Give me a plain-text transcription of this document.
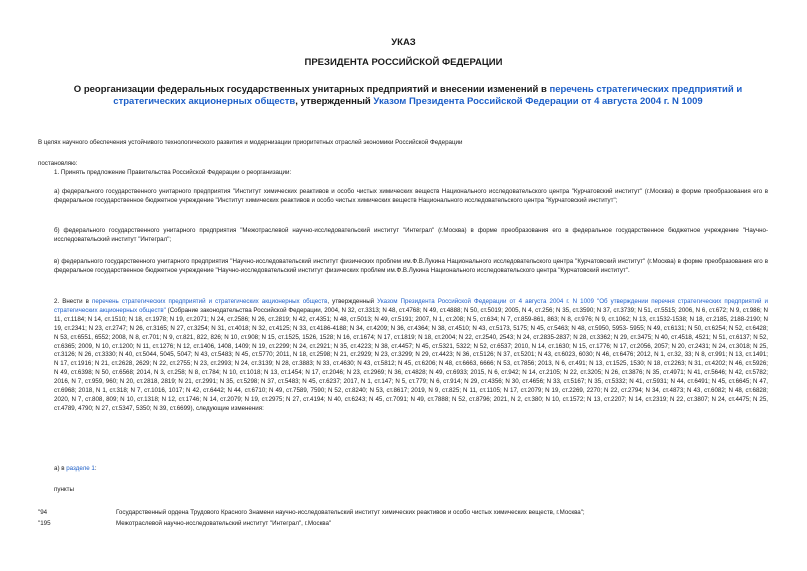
УКАЗ
ПРЕЗИДЕНТА РОССИЙСКОЙ ФЕДЕРАЦИИ
О реорганизации федеральных государственных унитарных предприятий и внесении изменений в перечень стратегических предприятий и стратегических акционерных обществ, утвержденный Указом Президента Российской Федерации от 4 августа 2004 г. N 1009
В целях научного обеспечения устойчивого технологического развития и модернизации приоритетных отраслей экономики Российской Федерации
постановляю:
1. Принять предложение Правительства Российской Федерации о реорганизации:
а) федерального государственного унитарного предприятия "Институт химических реактивов и особо чистых химических веществ Национального исследовательского центра "Курчатовский институт" (г.Москва) в форме преобразования его в федеральное государственное бюджетное учреждение "Институт химических реактивов и особо чистых химических веществ Национального исследовательского центра "Курчатовский институт";
б) федерального государственного унитарного предприятия "Межотраслевой научно-исследовательский институт "Интеграл" (г.Москва) в форме преобразования его в федеральное государственное бюджетное учреждение "Научно-исследовательский институт "Интеграл";
в) федерального государственного унитарного предприятия "Научно-исследовательский институт физических проблем им.Ф.В.Лукина Национального исследовательского центра "Курчатовский институт" (г.Москва) в форме преобразования его в федеральное государственное бюджетное учреждение "Научно-исследовательский институт физических проблем им.Ф.В.Лукина Национального исследовательского центра "Курчатовский институт".
2. Внести в перечень стратегических предприятий и стратегических акционерных обществ, утвержденный Указом Президента Российской Федерации от 4 августа 2004 г. N 1009 "Об утверждении перечня стратегических предприятий и стратегических акционерных обществ" (Собрание законодательства Российской Федерации, 2004, N 32, ст.3313; N 48, ст.4768; N 49, ст.4888; N 50, ст.5019; 2005, N 4, ст.256; N 35, ст.3590; N 37, ст.3739; N 51, ст.5515; 2006, N 6, ст.672; N 9, ст.986; N 11, ст.1184; N 14, ст.1510; N 18, ст.1978; N 19, ст.2071; N 24, ст.2586; N 26, ст.2819; N 42, ст.4351; N 48, ст.5013; N 49, ст.5191; 2007, N 1, ст.208; N 5, ст.634; N 7, ст.859-861, 863; N 8, ст.976; N 9, ст.1062; N 13, ст.1532-1538; N 18, ст.2185, 2188-2190; N 19, ст.2341; N 23, ст.2747; N 26, ст.3165; N 27, ст.3254; N 31, ст.4018; N 32, ст.4125; N 33, ст.4186-4188; N 34, ст.4209; N 36, ст.4364; N 38, ст.4510; N 43, ст.5173, 5175; N 45, ст.5463; N 48, ст.5950, 5953- 5955; N 49, ст.6131; N 50, ст.6254; N 52, ст.6428; N 53, ст.6551, 6552; 2008, N 8, ст.701; N 9, ст.821, 822, 826; N 10, ст.908; N 15, ст.1525, 1526, 1528; N 16, ст.1674; N 17, ст.1819; N 18, ст.2004; N 22, ст.2540, 2543; N 24, ст.2835-2837; N 28, ст.3362; N 29, ст.3475; N 40, ст.4518, 4521; N 51, ст.6137; N 52, ст.6365; 2009, N 10, ст.1200; N 11, ст.1276; N 12, ст.1406, 1408, 1409; N 19, ст.2299; N 24, ст.2921; N 35, ст.4223; N 38, ст.4457; N 45, ст.5321, 5322; N 52, ст.6537; 2010, N 14, ст.1630; N 15, ст.1776; N 17, ст.2056, 2057; N 20, ст.2431; N 24, ст.3018; N 25, ст.3126; N 26, ст.3330; N 40, ст.5044, 5045, 5047; N 43, ст.5483; N 45, ст.5770; 2011, N 18, ст.2598; N 21, ст.2929; N 23, ст.3299; N 29, ст.4423; N 36, ст.5126; N 37, ст.5201; N 43, ст.6023, 6030; N 46, ст.6476; 2012, N 1, ст.32, 33; N 8, ст.991; N 13, ст.1491; N 17, ст.1916; N 21, ст.2628, 2629; N 22, ст.2755; N 23, ст.2993; N 24, ст.3139; N 28, ст.3883; N 33, ст.4630; N 43, ст.5812; N 45, ст.6206; N 48, ст.6663, 6666; N 53, ст.7856; 2013, N 6, ст.491; N 13, ст.1525, 1530; N 18, ст.2263; N 31, ст.4202; N 46, ст.5926; N 49, ст.6398; N 50, ст.6568; 2014, N 3, ст.258; N 8, ст.784; N 10, ст.1018; N 13, ст.1454; N 17, ст.2046; N 23, ст.2969; N 36, ст.4828; N 49, ст.6933; 2015, N 6, ст.942; N 14, ст.2105; N 22, ст.3205; N 26, ст.3876; N 35, ст.4971; N 41, ст.5646; N 42, ст.5782; 2016, N 7, ст.959, 960; N 20, ст.2818, 2819; N 21, ст.2991; N 35, ст.5298; N 37, ст.5483; N 45, ст.6237; 2017, N 1, ст.147; N 5, ст.779; N 6, ст.914; N 29, ст.4356; N 30, ст.4656; N 33, ст.5167; N 35, ст.5332; N 41, ст.5931; N 44, ст.6491; N 45, ст.6645; N 47, ст.6968; 2018, N 1, ст.318; N 7, ст.1016, 1017; N 42, ст.6442; N 44, ст.6710; N 49, ст.7589, 7590; N 52, ст.8240; N 53, ст.8617; 2019, N 9, ст.825; N 11, ст.1105; N 17, ст.2079; N 19, ст.2269, 2270; N 22, ст.2794; N 34, ст.4873; N 43, ст.6082; N 48, ст.6828; 2020, N 7, ст.808, 809; N 10, ст.1318; N 12, ст.1746; N 14, ст.2079; N 19, ст.2975; N 27, ст.4194; N 40, ст.6243; N 45, ст.7091; N 49, ст.7888; N 52, ст.8796; 2021, N 2, ст.380; N 10, ст.1572; N 13, ст.2207; N 14, ст.2319; N 22, ст.3807; N 24, ст.4475; N 25, ст.4789, 4790; N 27, ст.5347, 5350; N 39, ст.6699), следующие изменения:
а) в разделе 1:
пункты
"94	Государственный ордена Трудового Красного Знамени научно-исследовательский институт химических реактивов и особо чистых химических веществ, г.Москва";
"195	Межотраслевой научно-исследовательский институт "Интеграл", г.Москва"
